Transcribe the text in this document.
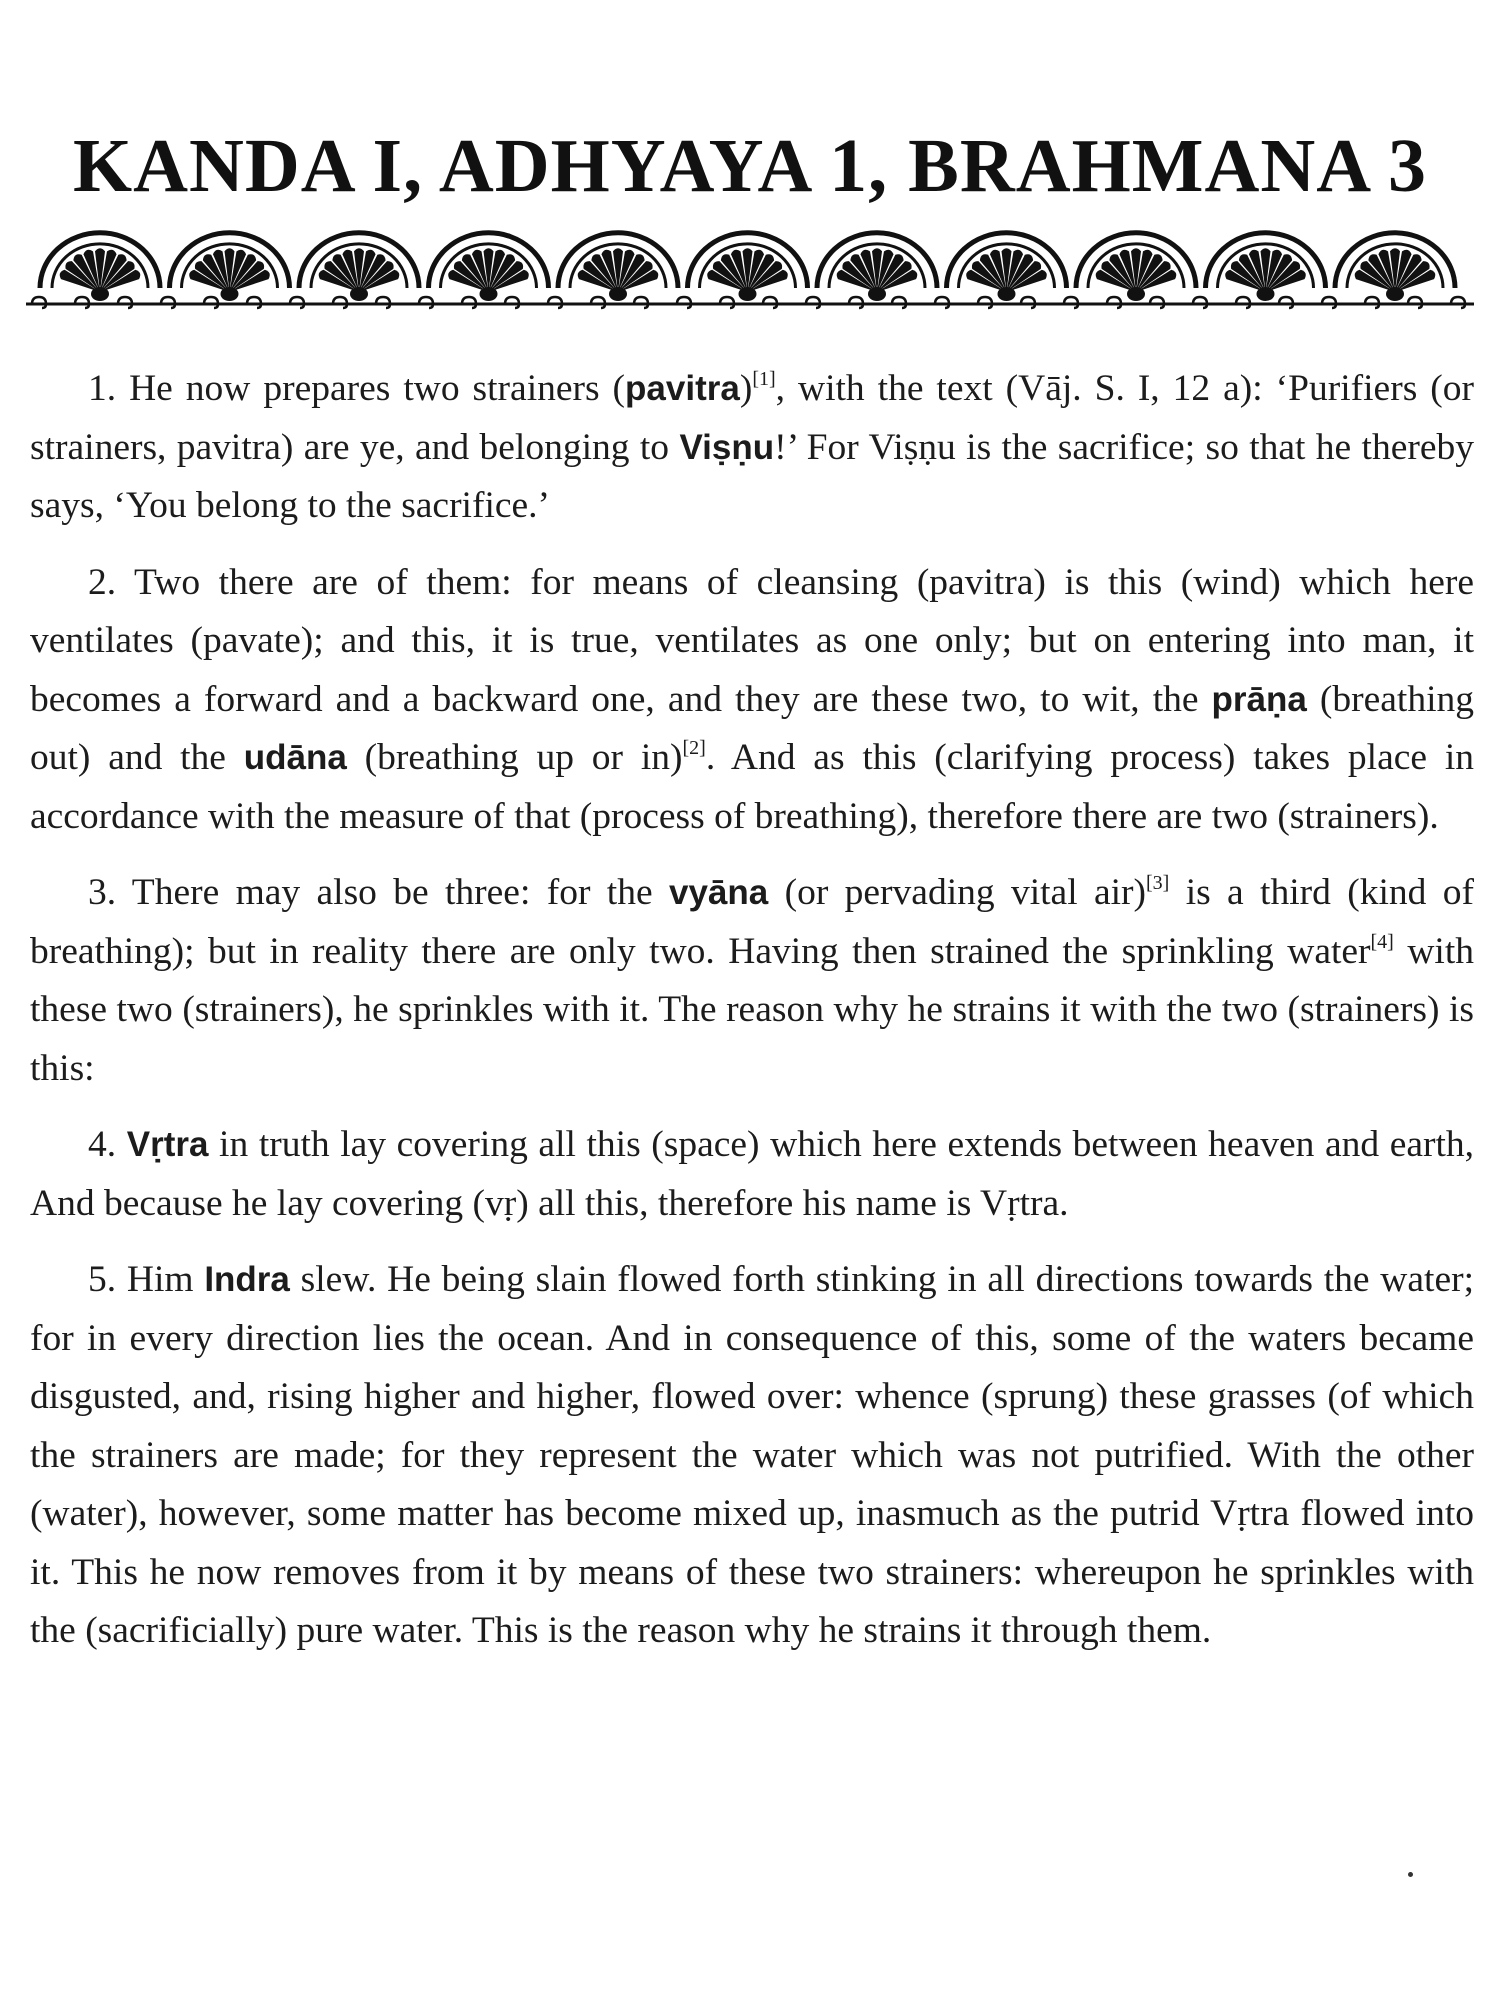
KANDA I, ADHYAYA 1, BRAHMANA 3

1. He now prepares two strainers (pavitra)[1], with the text (Vāj. S. I, 12 a): ‘Purifiers (or strainers, pavitra) are ye, and belonging to Viṣṇu!’ For Viṣṇu is the sacrifice; so that he thereby says, ‘You belong to the sacrifice.’

2. Two there are of them: for means of cleansing (pavitra) is this (wind) which here ventilates (pavate); and this, it is true, ventilates as one only; but on entering into man, it becomes a forward and a backward one, and they are these two, to wit, the prāṇa (breathing out) and the udāna (breathing up or in)[2]. And as this (clarifying process) takes place in accordance with the measure of that (process of breathing), therefore there are two (strainers).

3. There may also be three: for the vyāna (or pervading vital air)[3] is a third (kind of breathing); but in reality there are only two. Having then strained the sprinkling water[4] with these two (strainers), he sprinkles with it. The reason why he strains it with the two (strainers) is this:

4. Vṛtra in truth lay covering all this (space) which here extends between heaven and earth, And because he lay covering (vṛ) all this, therefore his name is Vṛtra.

5. Him Indra slew. He being slain flowed forth stinking in all directions towards the water; for in every direction lies the ocean. And in consequence of this, some of the waters became disgusted, and, rising higher and higher, flowed over: whence (sprung) these grasses (of which the strainers are made; for they represent the water which was not putrified. With the other (water), however, some matter has become mixed up, inasmuch as the putrid Vṛtra flowed into it. This he now removes from it by means of these two strainers: whereupon he sprinkles with the (sacrificially) pure water. This is the reason why he strains it through them.
